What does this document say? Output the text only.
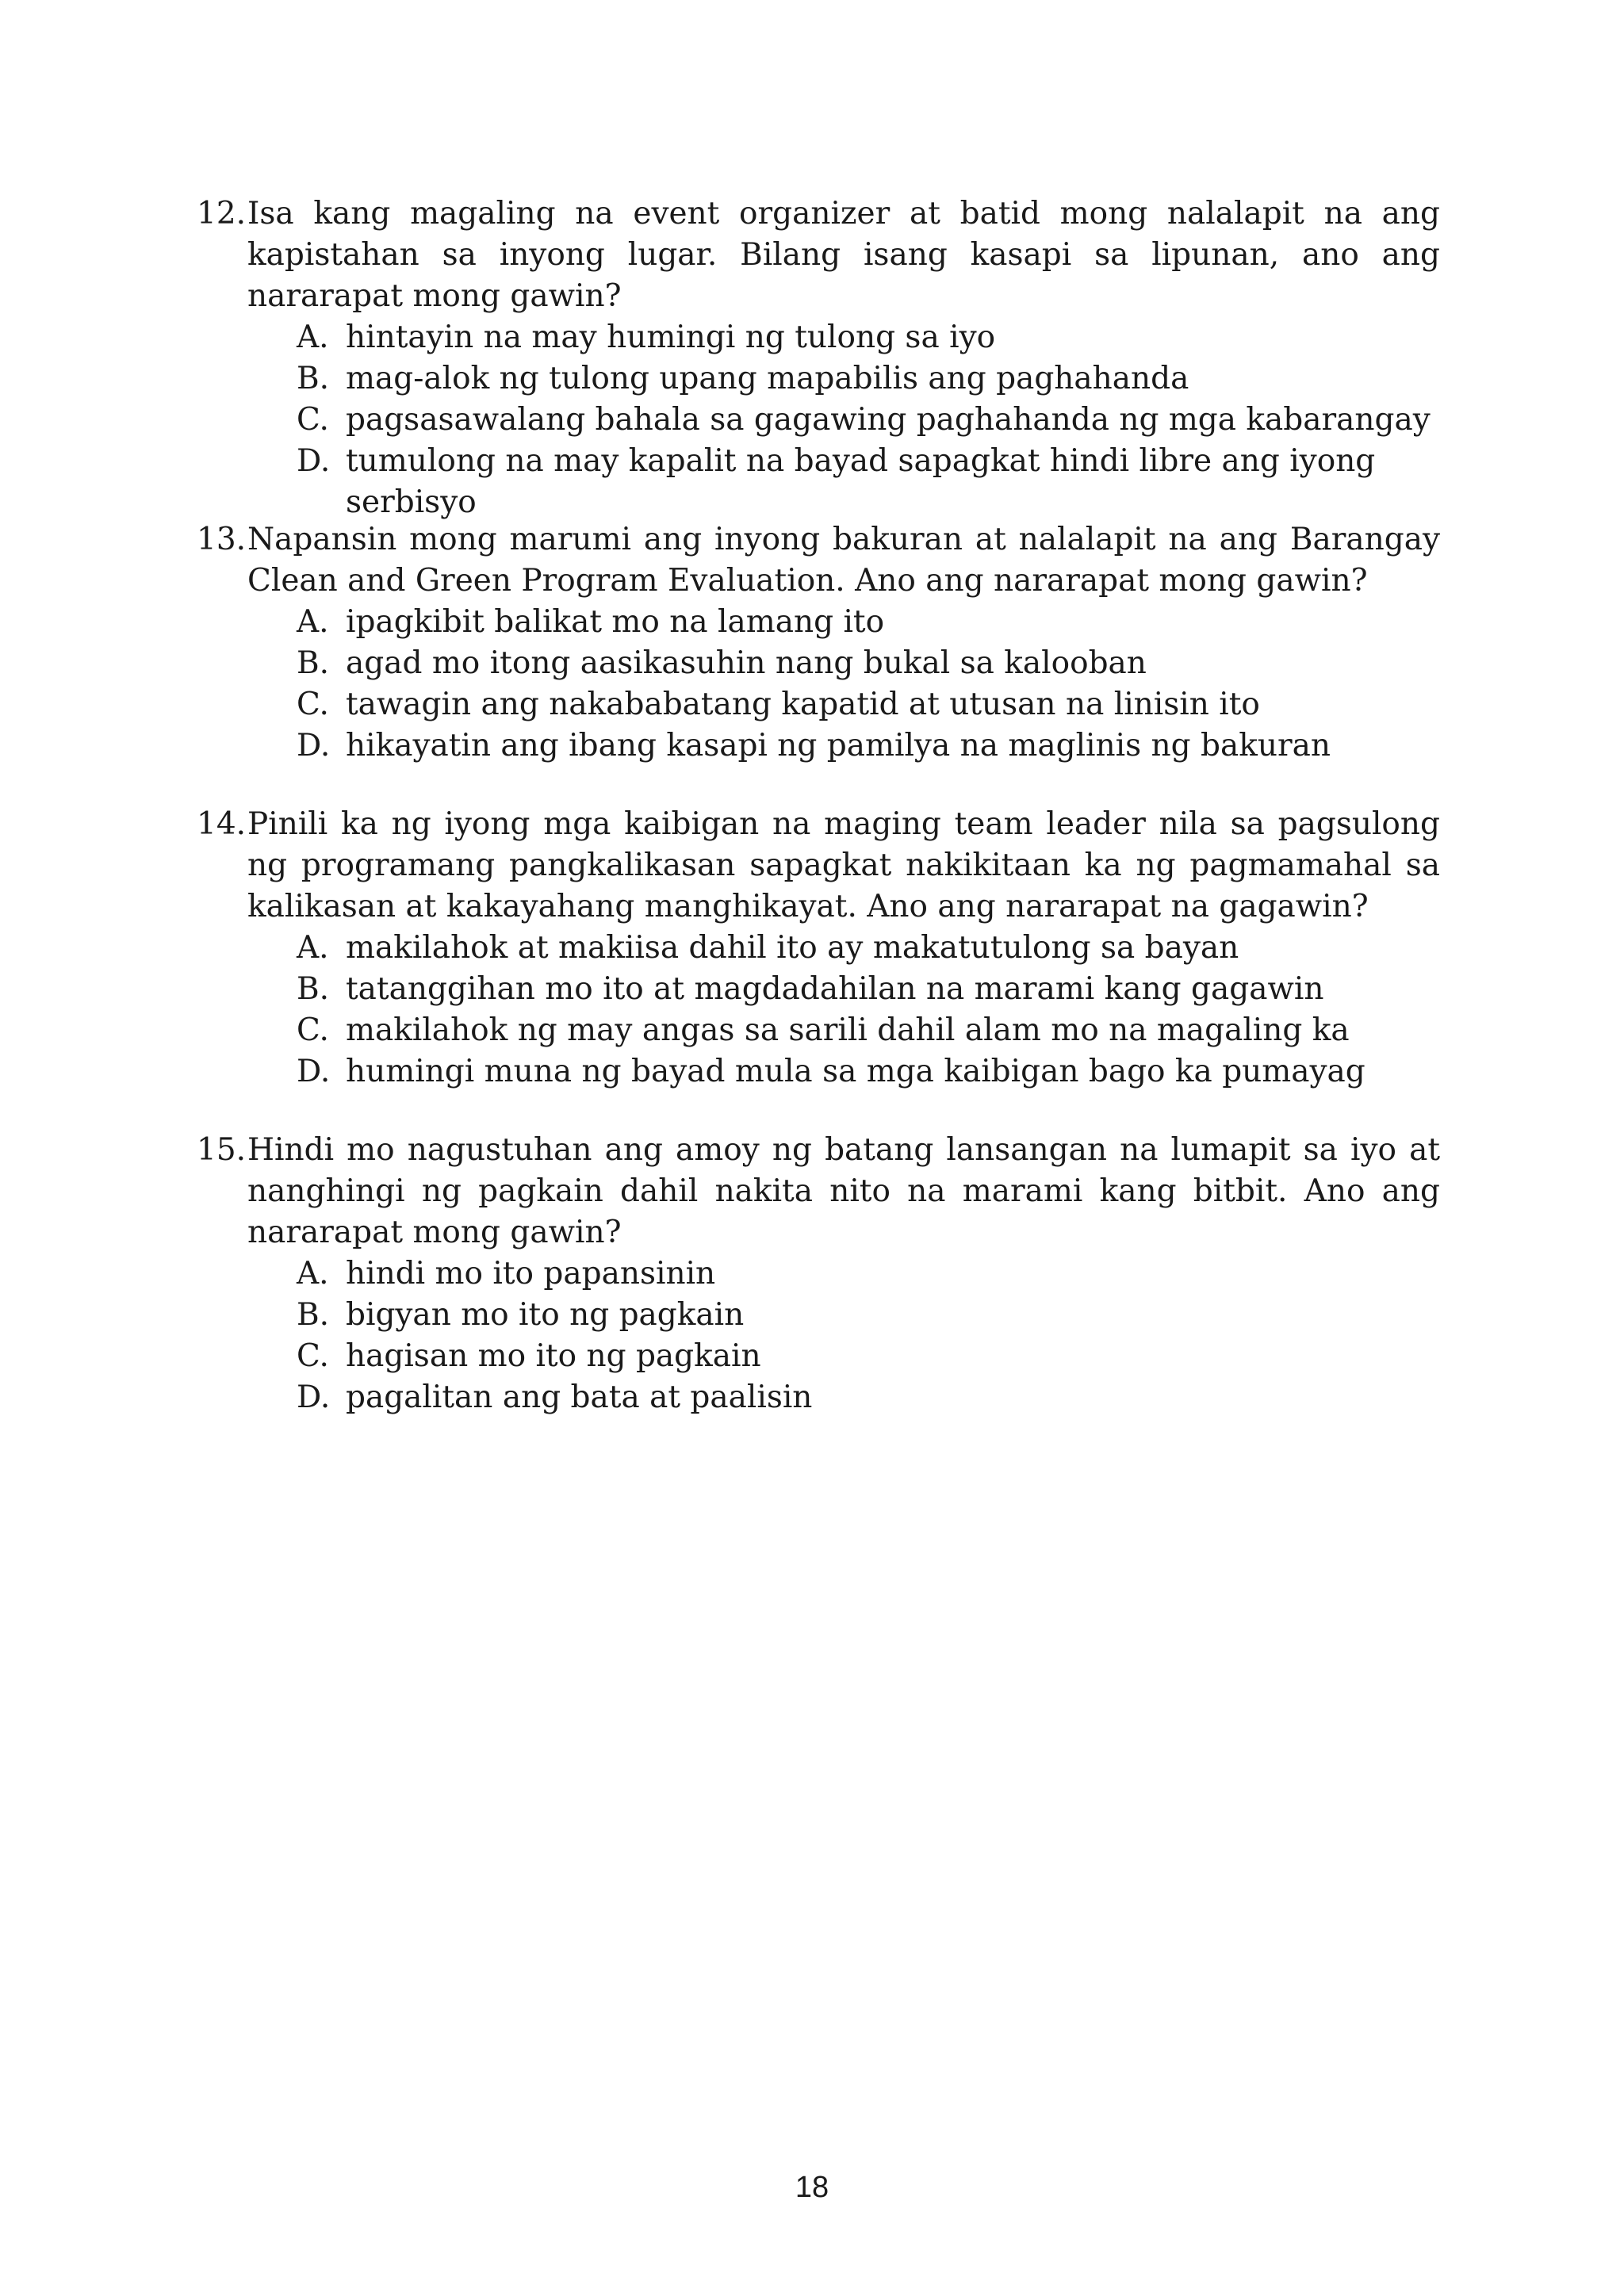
12. Isa kang magaling na event organizer at batid mong nalalapit na ang kapistahan sa inyong lugar. Bilang isang kasapi sa lipunan, ano ang nararapat mong gawin?
A. hintayin na may humingi ng tulong sa iyo
B. mag-alok ng tulong upang mapabilis ang paghahanda
C. pagsasawalang bahala sa gagawing paghahanda ng mga kabarangay
D. tumulong na may kapalit na bayad sapagkat hindi libre ang iyong serbisyo
13. Napansin mong marumi ang inyong bakuran at nalalapit na ang Barangay Clean and Green Program Evaluation. Ano ang nararapat mong gawin?
A. ipagkibit balikat mo na lamang ito
B. agad mo itong aasikasuhin nang bukal sa kalooban
C. tawagin ang nakababatang kapatid at utusan na linisin ito
D. hikayatin ang ibang kasapi ng pamilya na maglinis ng bakuran
14. Pinili ka ng iyong mga kaibigan na maging team leader nila sa pagsulong ng programang pangkalikasan sapagkat nakikitaan ka ng pagmamahal sa kalikasan at kakayahang manghikayat. Ano ang nararapat na gagawin?
A. makilahok at makiisa dahil ito ay makatutulong sa bayan
B. tatanggihan mo ito at magdadahilan na marami kang gagawin
C. makilahok ng may angas sa sarili dahil alam mo na magaling ka
D. humingi muna ng bayad mula sa mga kaibigan bago ka pumayag
15. Hindi mo nagustuhan ang amoy ng batang lansangan na lumapit sa iyo at nanghingi ng pagkain dahil nakita nito na marami kang bitbit. Ano ang nararapat mong gawin?
A. hindi mo ito papansinin
B. bigyan mo ito ng pagkain
C. hagisan mo ito ng pagkain
D. pagalitan ang bata at paalisin
18
